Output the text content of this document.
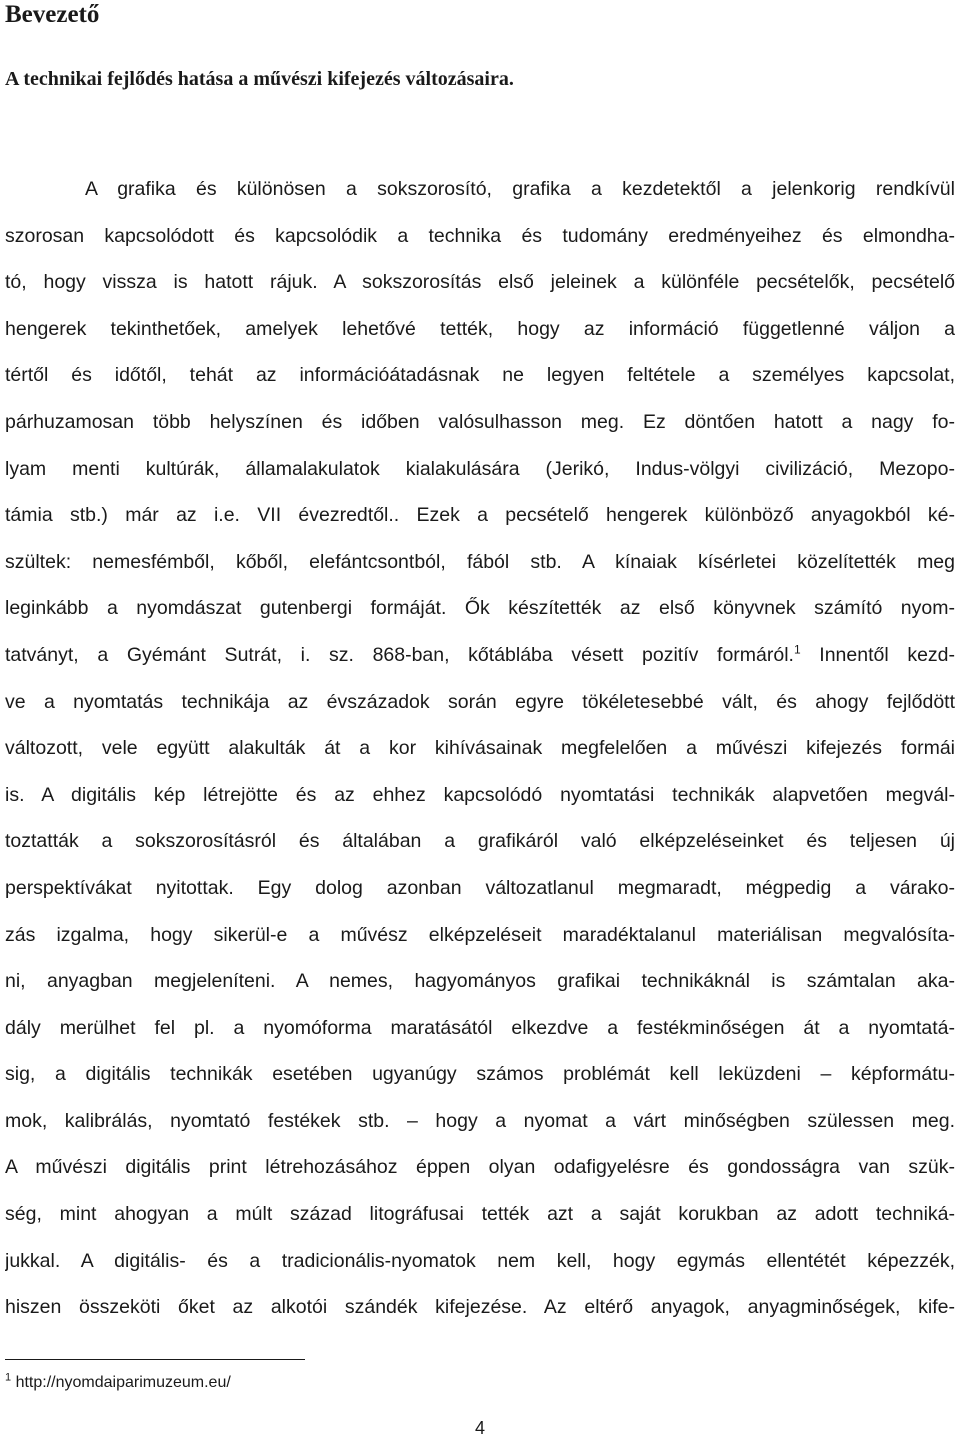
Bevezető
A technikai fejlődés hatása a művészi kifejezés változásaira.
A grafika és különösen a sokszorosító, grafika a kezdetektől a jelenkorig rendkívül
szorosan kapcsolódott és kapcsolódik a technika és tudomány eredményeihez és elmondha-
tó, hogy vissza is hatott rájuk. A sokszorosítás első jeleinek a különféle pecsételők, pecsételő
hengerek tekinthetőek, amelyek lehetővé tették, hogy az információ függetlenné váljon a
tértől és időtől, tehát az információátadásnak ne legyen feltétele a személyes kapcsolat,
párhuzamosan több helyszínen és időben valósulhasson meg. Ez döntően hatott a nagy fo-
lyam menti kultúrák, államalakulatok kialakulására (Jerikó, Indus-völgyi civilizáció, Mezopo-
támia stb.) már az i.e. VII évezredtől.. Ezek a pecsételő hengerek különböző anyagokból ké-
szültek: nemesfémből, kőből, elefántcsontból, fából stb. A kínaiak kísérletei közelítették meg
leginkább a nyomdászat gutenbergi formáját. Ők készítették az első könyvnek számító nyom-
tatványt, a Gyémánt Sutrát, i. sz. 868-ban, kőtáblába vésett pozitív formáról.$^1$ Innentől kezd-
ve a nyomtatás technikája az évszázadok során egyre tökéletesebbé vált, és ahogy fejlődött
változott, vele együtt alakulták át a kor kihívásainak megfelelően a művészi kifejezés formái
is. A digitális kép létrejötte és az ehhez kapcsolódó nyomtatási technikák alapvetően megvál-
toztatták a sokszorosításról és általában a grafikáról való elképzeléseinket és teljesen új
perspektívákat nyitottak. Egy dolog azonban változatlanul megmaradt, mégpedig a várako-
zás izgalma, hogy sikerül-e a művész elképzeléseit maradéktalanul materiálisan megvalósíta-
ni, anyagban megjeleníteni. A nemes, hagyományos grafikai technikáknál is számtalan aka-
dály merülhet fel pl. a nyomóforma maratásától elkezdve a festékminőségen át a nyomtatá-
sig, a digitális technikák esetében ugyanúgy számos problémát kell leküzdeni – képformátu-
mok, kalibrálás, nyomtató festékek stb. – hogy a nyomat a várt minőségben szülessen meg.
A művészi digitális print létrehozásához éppen olyan odafigyelésre és gondosságra van szük-
ség, mint ahogyan a múlt század litográfusai tették azt a saját korukban az adott techniká-
jukkal. A digitális- és a tradicionális-nyomatok nem kell, hogy egymás ellentétét képezzék,
hiszen összeköti őket az alkotói szándék kifejezése. Az eltérő anyagok, anyagminőségek, kife-
$^1$ http://nyomdaiparimuzeum.eu/
4
